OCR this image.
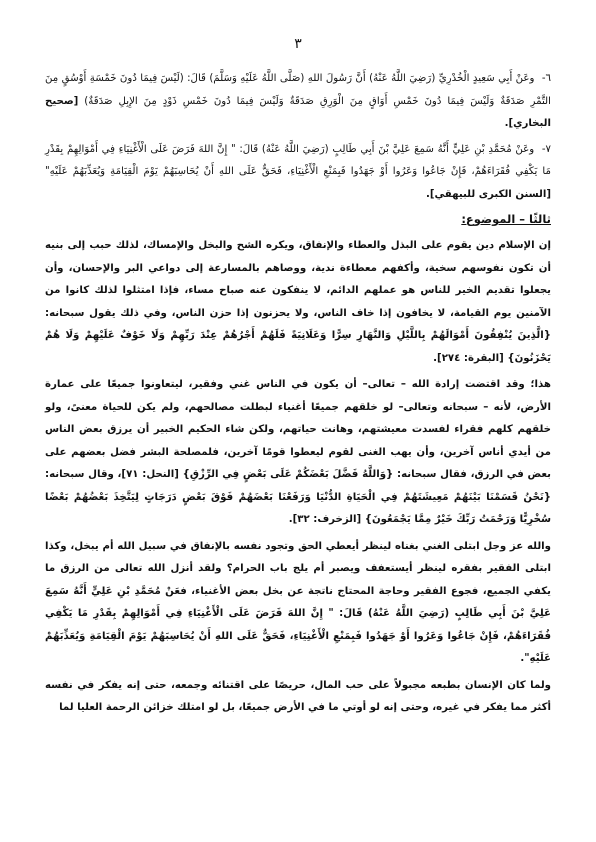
٣
٦- وعَنْ أَبِي سَعِيدٍ الْخُدْرِيِّ (رَضِيَ اللَّهُ عَنْهُ) أَنَّ رَسُولَ اللهِ (صَلَّى اللَّهُ عَلَيْهِ وَسَلَّمَ) قَالَ: (لَيْسَ فِيمَا دُونَ خَمْسَةِ أَوْسُقٍ مِنَ التَّمْرِ صَدَقَةٌ وَلَيْسَ فِيمَا دُونَ خَمْسِ أَوَاقٍ مِنَ الْوَرِقِ صَدَقَةٌ وَلَيْسَ فِيمَا دُونَ خَمْسِ ذَوْدٍ مِنَ الإِبِلِ صَدَقَةٌ) [صحيح البخاري].
٧- وعَنْ مُحَمَّدِ بْنِ عَلِيٍّ أَنَّهُ سَمِعَ عَلِيَّ بْنَ أَبِي طَالِبٍ (رَضِيَ اللَّهُ عَنْهُ) قَالَ: " إِنَّ اللهَ فَرَضَ عَلَى الْأَغْنِيَاءِ فِي أَمْوَالِهِمْ بِقَدْرِ مَا يَكْفِي فُقَرَاءَهُمْ، فَإِنْ جَاعُوا وَعَرُوا أَوْ جَهَدُوا فَبِمَنْعِ الْأَغْنِيَاءِ، فَحَقٌّ عَلَى اللهِ أَنْ يُحَاسِبَهُمْ يَوْمَ الْقِيَامَةِ وَيُعَذِّبَهُمْ عَلَيْهِ" [السنن الكبرى للبيهقي].
ثالثًا – الموضوع:

إن الإسلام دين يقوم على البذل والعطاء والإنفاق، ويكره الشح والبخل والإمساك، لذلك حبب إلى بنيه أن تكون نفوسهم سخية، وأكفهم معطاءة ندية، ووصاهم بالمسارعة إلى دواعي البر والإحسان، وأن يجعلوا تقديم الخير للناس هو عملهم الدائم، لا ينفكون عنه صباح مساء، فإذا امتثلوا لذلك كانوا من الآمنين يوم القيامة، لا يخافون إذا خاف الناس، ولا يحزنون إذا حزن الناس، وفي ذلك يقول سبحانه: {الَّذِينَ يُنْفِقُونَ أَمْوَالَهُمْ بِاللَّيْلِ وَالنَّهَارِ سِرًّا وَعَلَانِيَةً فَلَهُمْ أَجْرُهُمْ عِنْدَ رَبِّهِمْ وَلَا خَوْفٌ عَلَيْهِمْ وَلَا هُمْ يَحْزَنُونَ} [البقرة: ٢٧٤].

هذا؛ وقد اقتضت إرادة الله – تعالى– أن يكون في الناس غني وفقير، ليتعاونوا جميعًا على عمارة الأرض، لأنه – سبحانه وتعالى– لو خلقهم جميعًا أغنياء لبطلت مصالحهم، ولم يكن للحياة معنىً، ولو خلقهم كلهم فقراء لفسدت معيشتهم، وهانت حياتهم، ولكن شاء الحكيم الخبير أن يرزق بعض الناس من أيدي أناس آخرين، وأن يهب الغنى لقوم ليعطوا قومًا آخرين، فلمصلحة البشر فضل بعضهم على بعض في الرزق، فقال سبحانه: {وَاللَّهُ فَضَّلَ بَعْضَكُمْ عَلَى بَعْضٍ فِي الرِّزْقِ} [النحل: ٧١]، وقال سبحانه: {نَحْنُ قَسَمْنَا بَيْنَهُمْ مَعِيشَتَهُمْ فِي الْحَيَاةِ الدُّنْيَا وَرَفَعْنَا بَعْضَهُمْ فَوْقَ بَعْضٍ دَرَجَاتٍ لِيَتَّخِذَ بَعْضُهُمْ بَعْضًا سُخْرِيًّا وَرَحْمَتُ رَبِّكَ خَيْرٌ مِمَّا يَجْمَعُونَ} [الزخرف: ٣٢].

والله عز وجل ابتلى الغني بغناه لينظر أيعطي الحق وتجود نفسه بالإنفاق في سبيل الله أم يبخل، وكذا ابتلى الفقير بفقره لينظر أيستعفف ويصبر أم يلج باب الحرام؟ ولقد أنزل الله تعالى من الرزق ما يكفي الجميع، فجوع الفقير وحاجة المحتاج ناتجة عن بخل بعض الأغنياء، فعَنْ مُحَمَّدِ بْنِ عَلِيٍّ أَنَّهُ سَمِعَ عَلِيَّ بْنَ أَبِي طَالِبٍ (رَضِيَ اللَّهُ عَنْهُ) قَالَ: " إِنَّ اللهَ فَرَضَ عَلَى الْأَغْنِيَاءِ فِي أَمْوَالِهِمْ بِقَدْرِ مَا يَكْفِي فُقَرَاءَهُمْ، فَإِنْ جَاعُوا وَعَرُوا أَوْ جَهَدُوا فَبِمَنْعِ الْأَغْنِيَاءِ، فَحَقٌّ عَلَى اللهِ أَنْ يُحَاسِبَهُمْ يَوْمَ الْقِيَامَةِ وَيُعَذِّبَهُمْ عَلَيْهِ".

ولما كان الإنسان بطبعه مجبولاً على حب المال، حريصًا على اقتنائه وجمعه، حتى إنه يفكر في نفسه أكثر مما يفكر في غيره، وحتى إنه لو أوتي ما في الأرض جميعًا، بل لو امتلك خزائن الرحمة العليا لما
